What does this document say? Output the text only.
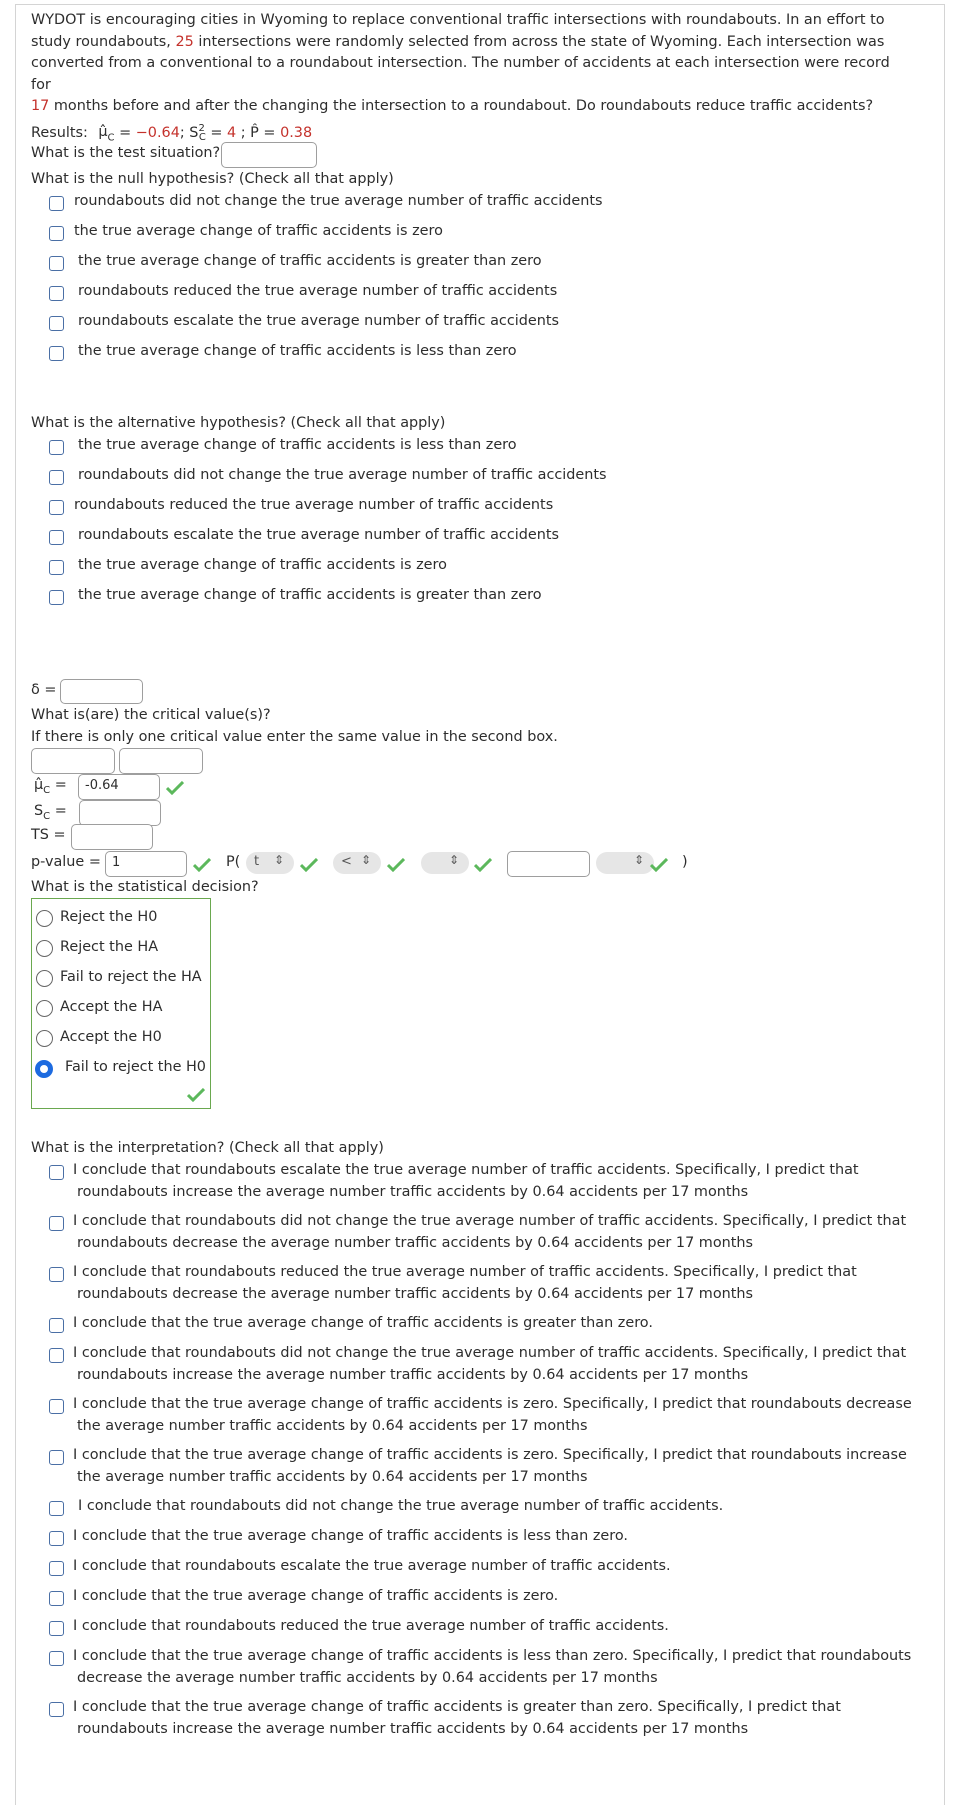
WYDOT is encouraging cities in Wyoming to replace conventional traffic intersections with roundabouts. In an effort to
study roundabouts, 25 intersections were randomly selected from across the state of Wyoming. Each intersection was
converted from a conventional to a roundabout intersection. The number of accidents at each intersection were record for
17 months before and after the changing the intersection to a roundabout. Do roundabouts reduce traffic accidents?
Results: $\mû_C = -0.64$; $S^2_C = 4$ ; P̂ = 0.38
What is the test situation?
What is the null hypothesis? (Check all that apply)
roundabouts did not change the true average number of traffic accidents
the true average change of traffic accidents is zero
the true average change of traffic accidents is greater than zero
roundabouts reduced the true average number of traffic accidents
roundabouts escalate the true average number of traffic accidents
the true average change of traffic accidents is less than zero
What is the alternative hypothesis? (Check all that apply)
the true average change of traffic accidents is less than zero
roundabouts did not change the true average number of traffic accidents
roundabouts reduced the true average number of traffic accidents
roundabouts escalate the true average number of traffic accidents
the true average change of traffic accidents is zero
the true average change of traffic accidents is greater than zero
δ =
What is(are) the critical value(s)?
If there is only one critical value enter the same value in the second box.
$\mû_C$ =	-0.64
$S_C$ =
TS =
p-value = 1	P(	t ⇕	< ⇕	⇕	⇕	)
What is the statistical decision?
Reject the H0
Reject the HA
Fail to reject the HA
Accept the HA
Accept the H0
Fail to reject the H0
What is the interpretation? (Check all that apply)
I conclude that roundabouts escalate the true average number of traffic accidents. Specifically, I predict that
roundabouts increase the average number traffic accidents by 0.64 accidents per 17 months
I conclude that roundabouts did not change the true average number of traffic accidents. Specifically, I predict that
roundabouts decrease the average number traffic accidents by 0.64 accidents per 17 months
I conclude that roundabouts reduced the true average number of traffic accidents. Specifically, I predict that
roundabouts decrease the average number traffic accidents by 0.64 accidents per 17 months
I conclude that the true average change of traffic accidents is greater than zero.
I conclude that roundabouts did not change the true average number of traffic accidents. Specifically, I predict that
roundabouts increase the average number traffic accidents by 0.64 accidents per 17 months
I conclude that the true average change of traffic accidents is zero. Specifically, I predict that roundabouts decrease
the average number traffic accidents by 0.64 accidents per 17 months
I conclude that the true average change of traffic accidents is zero. Specifically, I predict that roundabouts increase
the average number traffic accidents by 0.64 accidents per 17 months
I conclude that roundabouts did not change the true average number of traffic accidents.
I conclude that the true average change of traffic accidents is less than zero.
I conclude that roundabouts escalate the true average number of traffic accidents.
I conclude that the true average change of traffic accidents is zero.
I conclude that roundabouts reduced the true average number of traffic accidents.
I conclude that the true average change of traffic accidents is less than zero. Specifically, I predict that roundabouts
decrease the average number traffic accidents by 0.64 accidents per 17 months
I conclude that the true average change of traffic accidents is greater than zero. Specifically, I predict that
roundabouts increase the average number traffic accidents by 0.64 accidents per 17 months
